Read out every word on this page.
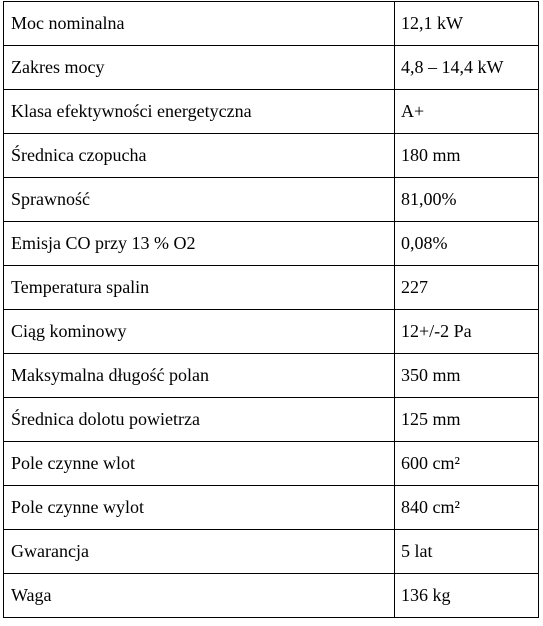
Moc nominalna	12,1 kW
Zakres mocy	4,8 – 14,4 kW
Klasa efektywności energetyczna	A+
Średnica czopucha	180 mm
Sprawność	81,00%
Emisja CO przy 13 % O2	0,08%
Temperatura spalin	227
Ciąg kominowy	12+/-2 Pa
Maksymalna długość polan	350 mm
Średnica dolotu powietrza	125 mm
Pole czynne wlot	600 cm²
Pole czynne wylot	840 cm²
Gwarancja	5 lat
Waga	136 kg
